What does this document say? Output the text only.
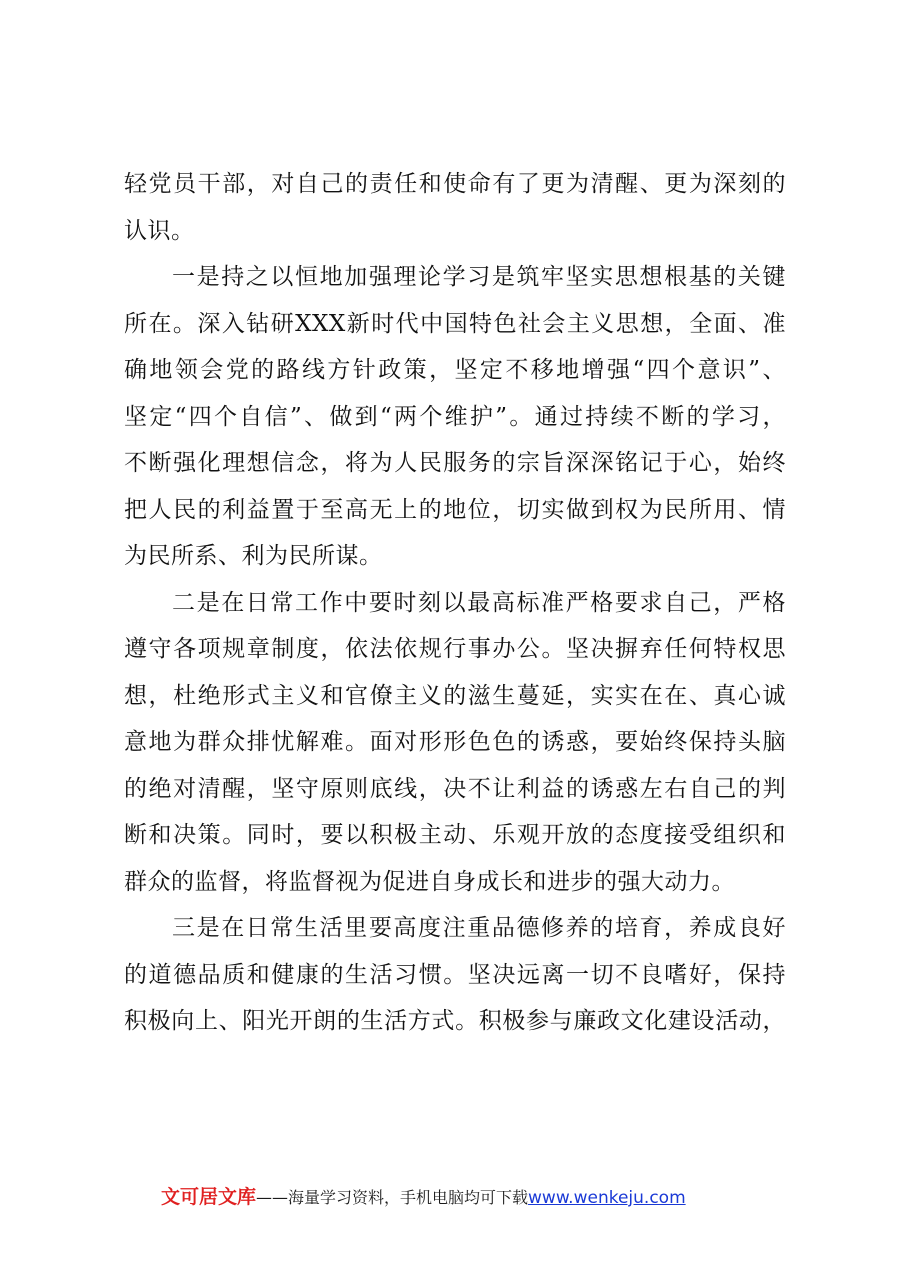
轻党员干部，对自己的责任和使命有了更为清醒、更为深刻的
认识。
一是持之以恒地加强理论学习是筑牢坚实思想根基的关键
所在。深入钻研XXX新时代中国特色社会主义思想，全面、准
确地领会党的路线方针政策，坚定不移地增强“四个意识”、
坚定“四个自信”、做到“两个维护”。通过持续不断的学习，
不断强化理想信念，将为人民服务的宗旨深深铭记于心，始终
把人民的利益置于至高无上的地位，切实做到权为民所用、情
为民所系、利为民所谋。
二是在日常工作中要时刻以最高标准严格要求自己，严格
遵守各项规章制度，依法依规行事办公。坚决摒弃任何特权思
想，杜绝形式主义和官僚主义的滋生蔓延，实实在在、真心诚
意地为群众排忧解难。面对形形色色的诱惑，要始终保持头脑
的绝对清醒，坚守原则底线，决不让利益的诱惑左右自己的判
断和决策。同时，要以积极主动、乐观开放的态度接受组织和
群众的监督，将监督视为促进自身成长和进步的强大动力。
三是在日常生活里要高度注重品德修养的培育，养成良好
的道德品质和健康的生活习惯。坚决远离一切不良嗜好，保持
积极向上、阳光开朗的生活方式。积极参与廉政文化建设活动，
文可居文库——海量学习资料，手机电脑均可下载www.wenkeju.com
